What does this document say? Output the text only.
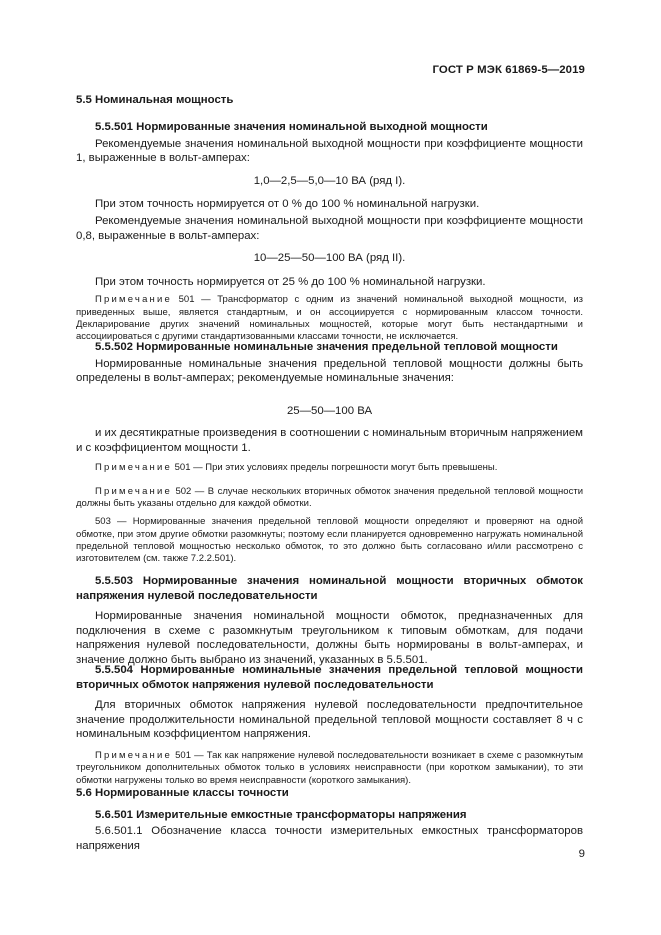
ГОСТ Р МЭК 61869-5—2019

5.5 Номинальная мощность

5.5.501 Нормированные значения номинальной выходной мощности

Рекомендуемые значения номинальной выходной мощности при коэффициенте мощности 1, выраженные в вольт-амперах:

1,0—2,5—5,0—10 ВА (ряд I).

При этом точность нормируется от 0 % до 100 % номинальной нагрузки.

Рекомендуемые значения номинальной выходной мощности при коэффициенте мощности 0,8, выраженные в вольт-амперах:

10—25—50—100 ВА (ряд II).

При этом точность нормируется от 25 % до 100 % номинальной нагрузки.

Примечание 501 — Трансформатор с одним из значений номинальной выходной мощности, из приведенных выше, является стандартным, и он ассоциируется с нормированным классом точности. Декларирование других значений номинальных мощностей, которые могут быть нестандартными и ассоциироваться с другими стандартизованными классами точности, не исключается.

5.5.502 Нормированные номинальные значения предельной тепловой мощности

Нормированные номинальные значения предельной тепловой мощности должны быть определены в вольт-амперах; рекомендуемые номинальные значения:

25—50—100 ВА

и их десятикратные произведения в соотношении с номинальным вторичным напряжением и с коэффициентом мощности 1.

Примечание 501 — При этих условиях пределы погрешности могут быть превышены.

Примечание 502 — В случае нескольких вторичных обмоток значения предельной тепловой мощности должны быть указаны отдельно для каждой обмотки.

503 — Нормированные значения предельной тепловой мощности определяют и проверяют на одной обмотке, при этом другие обмотки разомкнуты; поэтому если планируется одновременно нагружать номинальной предельной тепловой мощностью несколько обмоток, то это должно быть согласовано и/или рассмотрено с изготовителем (см. также 7.2.2.501).

5.5.503 Нормированные значения номинальной мощности вторичных обмоток напряжения нулевой последовательности

Нормированные значения номинальной мощности обмоток, предназначенных для подключения в схеме с разомкнутым треугольником к типовым обмоткам, для подачи напряжения нулевой последовательности, должны быть нормированы в вольт-амперах, и значение должно быть выбрано из значений, указанных в 5.5.501.

5.5.504 Нормированные номинальные значения предельной тепловой мощности вторичных обмоток напряжения нулевой последовательности

Для вторичных обмоток напряжения нулевой последовательности предпочтительное значение продолжительности номинальной предельной тепловой мощности составляет 8 ч с номинальным коэффициентом напряжения.

Примечание 501 — Так как напряжение нулевой последовательности возникает в схеме с разомкнутым треугольником дополнительных обмоток только в условиях неисправности (при коротком замыкании), то эти обмотки нагружены только во время неисправности (короткого замыкания).

5.6 Нормированные классы точности

5.6.501 Измерительные емкостные трансформаторы напряжения

5.6.501.1 Обозначение класса точности измерительных емкостных трансформаторов напряжения

9
